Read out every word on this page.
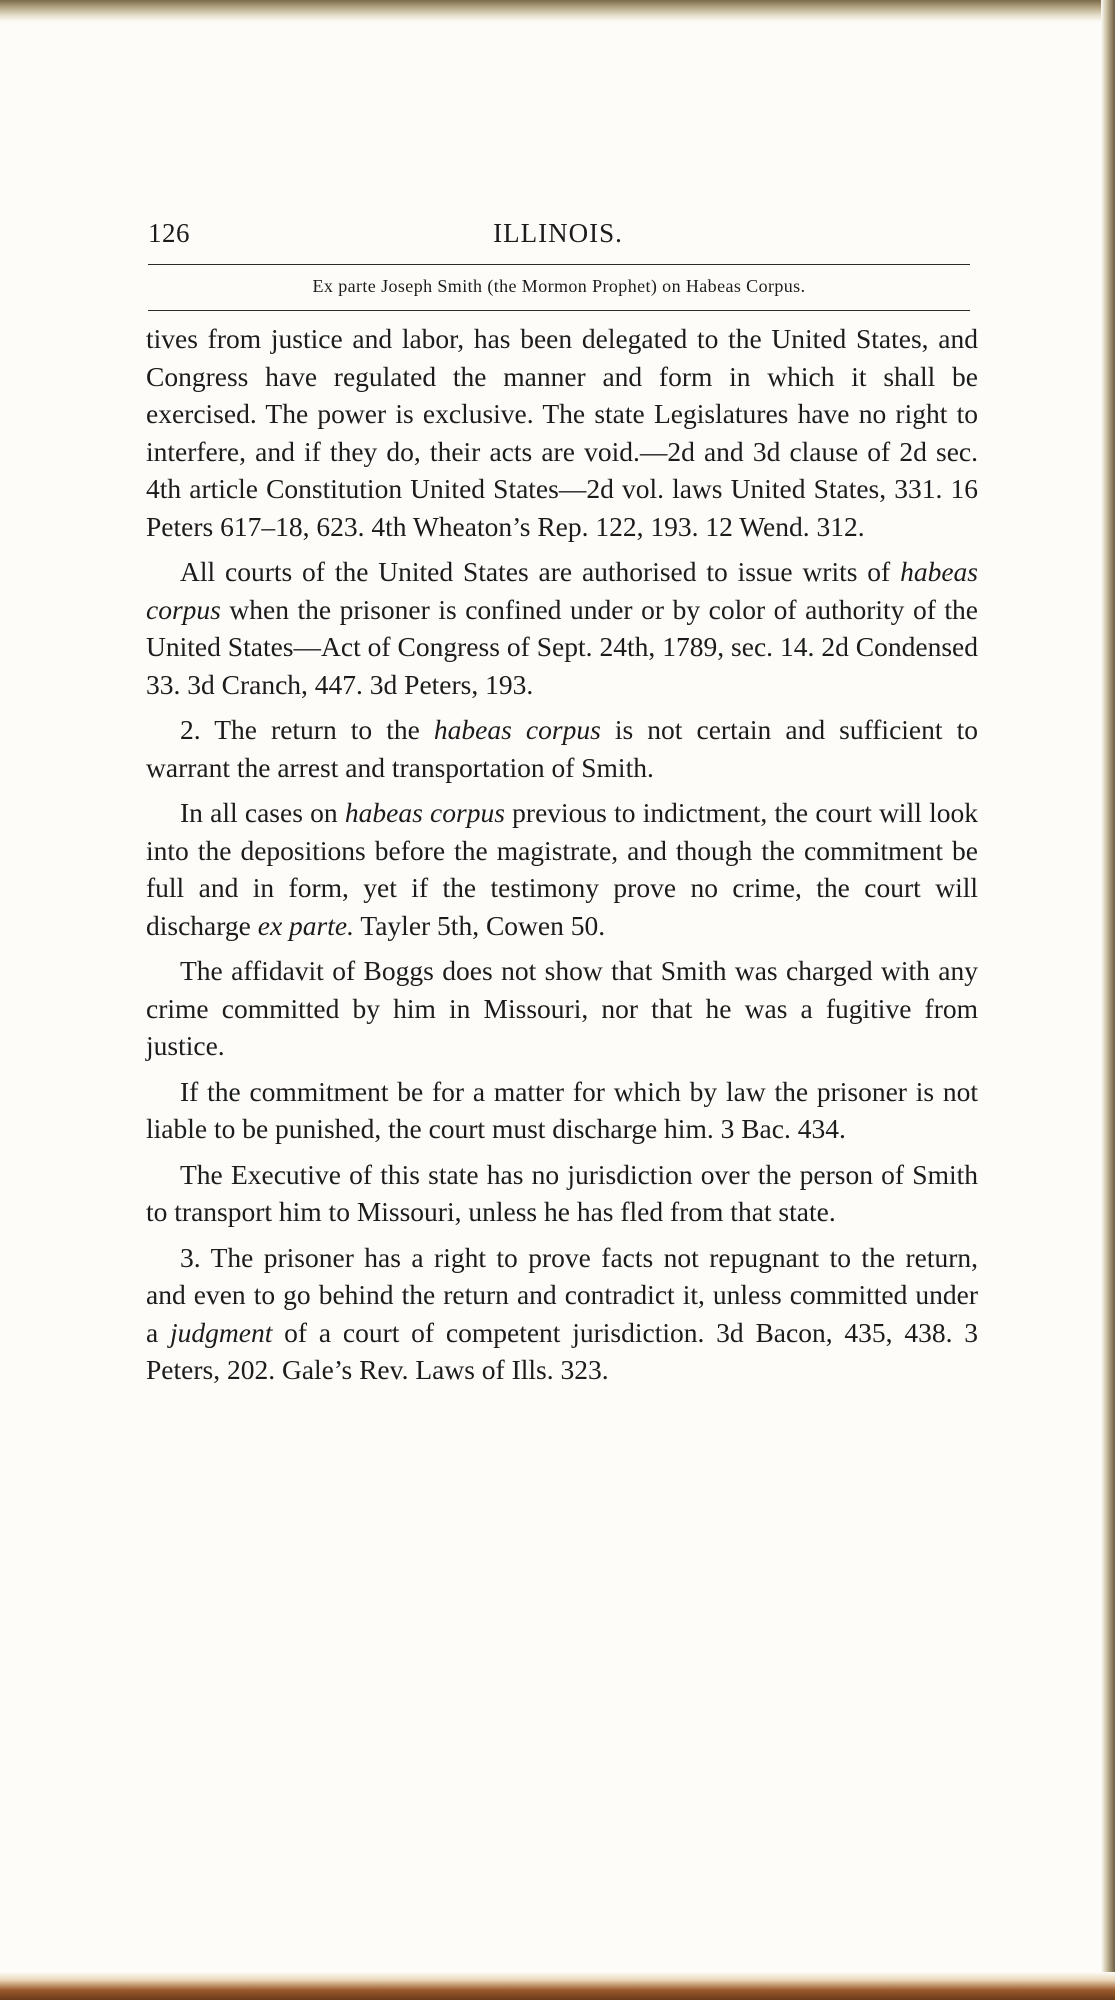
126	ILLINOIS.
Ex parte Joseph Smith (the Mormon Prophet) on Habeas Corpus.

tives from justice and labor, has been delegated to the United States, and Congress have regulated the manner and form in which it shall be exercised. The power is exclusive. The state Legislatures have no right to interfere, and if they do, their acts are void.—2d and 3d clause of 2d sec. 4th article Constitution United States—2d vol. laws United States, 331. 16 Peters 617–18, 623. 4th Wheaton’s Rep. 122, 193. 12 Wend. 312.

All courts of the United States are authorised to issue writs of habeas corpus when the prisoner is confined under or by color of authority of the United States—Act of Congress of Sept. 24th, 1789, sec. 14. 2d Condensed 33. 3d Cranch, 447. 3d Peters, 193.

2. The return to the habeas corpus is not certain and sufficient to warrant the arrest and transportation of Smith.

In all cases on habeas corpus previous to indictment, the court will look into the depositions before the magistrate, and though the commitment be full and in form, yet if the testimony prove no crime, the court will discharge ex parte. Tayler 5th, Cowen 50.

The affidavit of Boggs does not show that Smith was charged with any crime committed by him in Missouri, nor that he was a fugitive from justice.

If the commitment be for a matter for which by law the prisoner is not liable to be punished, the court must discharge him. 3 Bac. 434.

The Executive of this state has no jurisdiction over the person of Smith to transport him to Missouri, unless he has fled from that state.

3. The prisoner has a right to prove facts not repugnant to the return, and even to go behind the return and contradict it, unless committed under a judgment of a court of competent jurisdiction. 3d Bacon, 435, 438. 3 Peters, 202. Gale’s Rev. Laws of Ills. 323.
